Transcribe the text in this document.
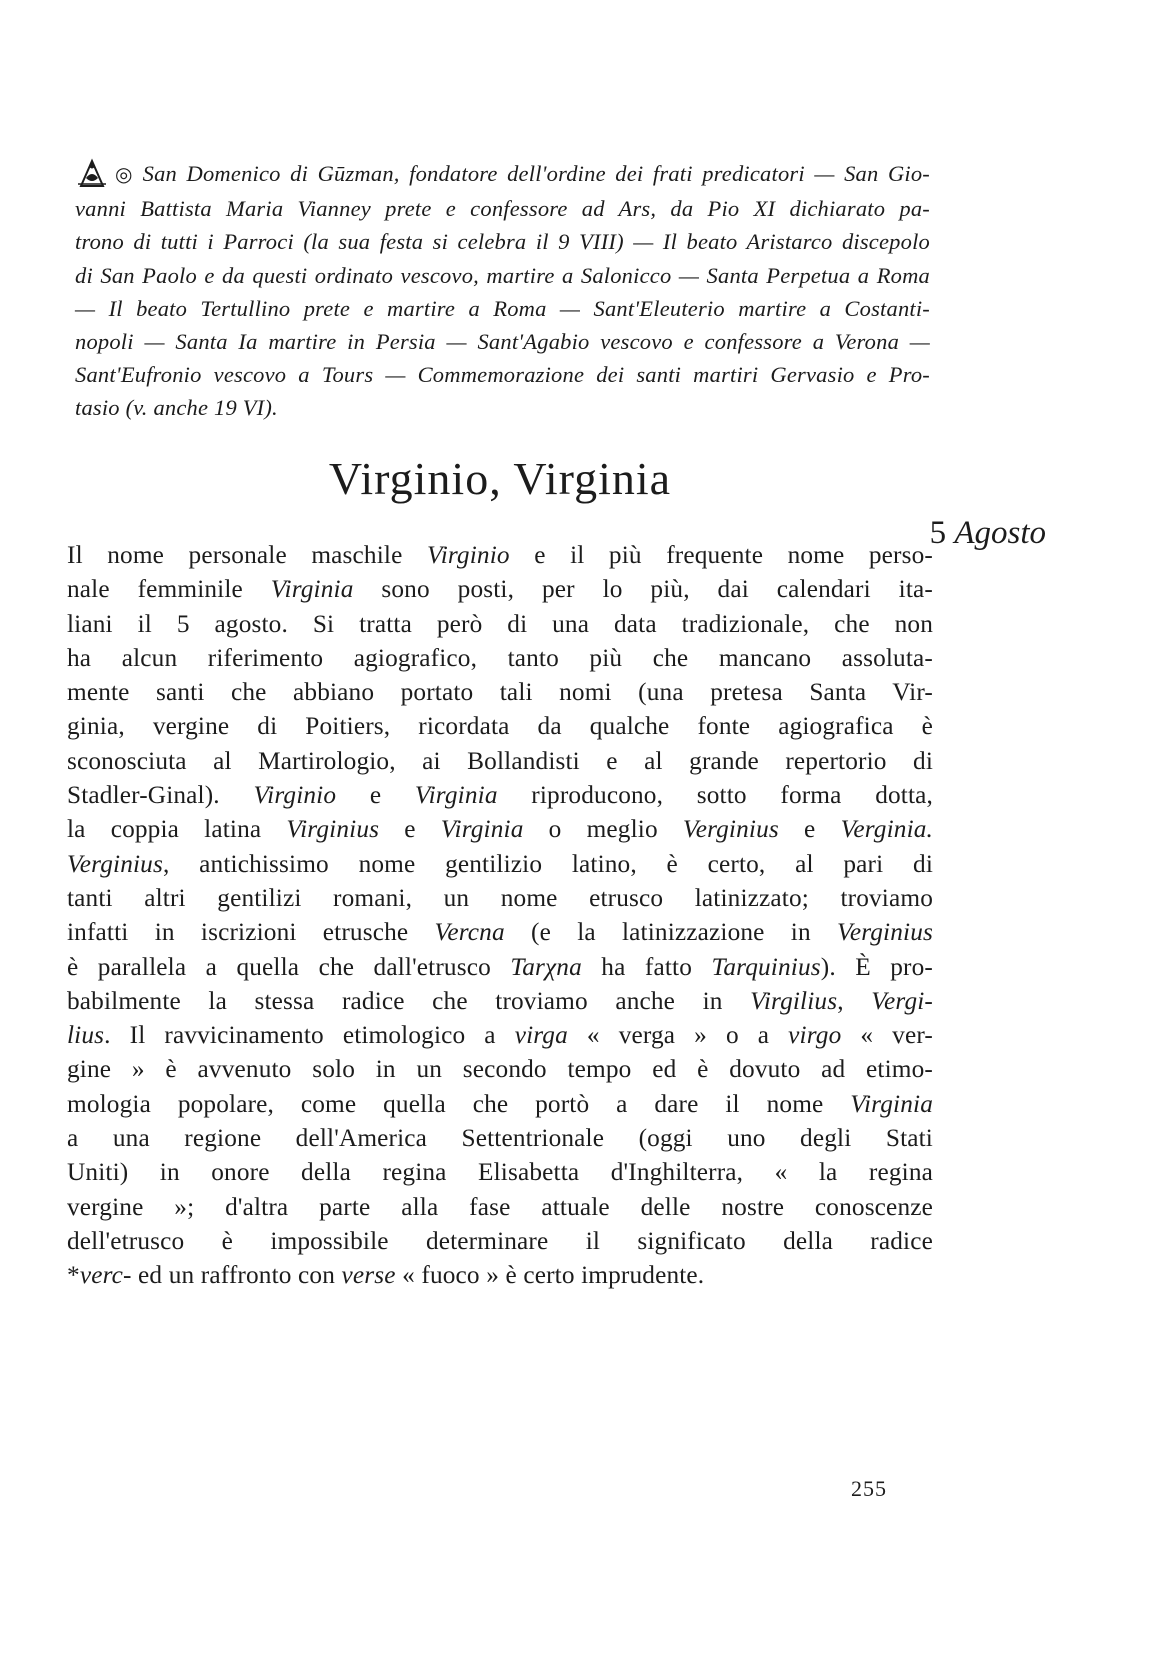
◎ San Domenico di Gūzman, fondatore dell'ordine dei frati predicatori — San Gio-
vanni Battista Maria Vianney prete e confessore ad Ars, da Pio XI dichiarato pa-
trono di tutti i Parroci (la sua festa si celebra il 9 VIII) — Il beato Aristarco discepolo
di San Paolo e da questi ordinato vescovo, martire a Salonicco — Santa Perpetua a Roma
— Il beato Tertullino prete e martire a Roma — Sant'Eleuterio martire a Costanti-
nopoli — Santa Ia martire in Persia — Sant'Agabio vescovo e confessore a Verona —
Sant'Eufronio vescovo a Tours — Commemorazione dei santi martiri Gervasio e Pro-
tasio (v. anche 19 VI).
Virginio, Virginia
5 Agosto
Il nome personale maschile Virginio e il più frequente nome perso-
nale femminile Virginia sono posti, per lo più, dai calendari ita-
liani il 5 agosto. Si tratta però di una data tradizionale, che non
ha alcun riferimento agiografico, tanto più che mancano assoluta-
mente santi che abbiano portato tali nomi (una pretesa Santa Vir-
ginia, vergine di Poitiers, ricordata da qualche fonte agiografica è
sconosciuta al Martirologio, ai Bollandisti e al grande repertorio di
Stadler-Ginal). Virginio e Virginia riproducono, sotto forma dotta,
la coppia latina Virginius e Virginia o meglio Verginius e Verginia.
Verginius, antichissimo nome gentilizio latino, è certo, al pari di
tanti altri gentilizi romani, un nome etrusco latinizzato; troviamo
infatti in iscrizioni etrusche Vercna (e la latinizzazione in Verginius
è parallela a quella che dall'etrusco Tarχna ha fatto Tarquinius). È pro-
babilmente la stessa radice che troviamo anche in Virgilius, Vergi-
lius. Il ravvicinamento etimologico a virga « verga » o a virgo « ver-
gine » è avvenuto solo in un secondo tempo ed è dovuto ad etimo-
mologia popolare, come quella che portò a dare il nome Virginia
a una regione dell'America Settentrionale (oggi uno degli Stati
Uniti) in onore della regina Elisabetta d'Inghilterra, « la regina
vergine »; d'altra parte alla fase attuale delle nostre conoscenze
dell'etrusco è impossibile determinare il significato della radice
*verc- ed un raffronto con verse « fuoco » è certo imprudente.
255
